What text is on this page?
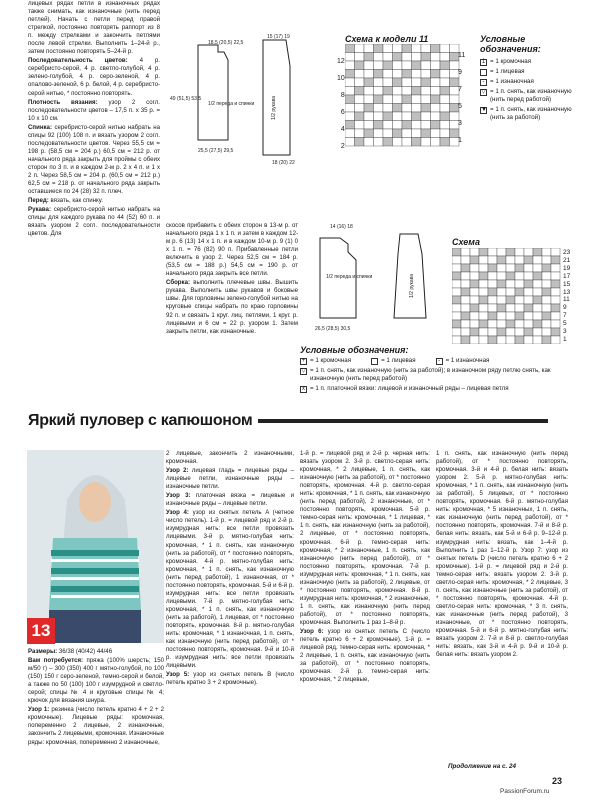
лицевых рядах петли в изнаночных рядах также снимать, как изнаночные (нить перед петлей). Начать с петли перед правой стрелкой, постоянно повторять раппорт из 8 п. между стрелками и закончить петлями после левой стрелки. Выполнить 1–24-й р., затем постоянно повторять 5–24-й р.

Последовательность цветов: 4 р. серебристо-серой, 4 р. светло-голубой, 4 р. зелено-голубой, 4 р. серо-зеленой, 4 р. опалово-зеленой, 6 р. белой, 4 р. серебристо-серой нитью, * постоянно повторять.

Плотность вязания: узор 2 согл. последовательности цветов – 17,5 п. x 35 р. = 10 x 10 см.

Спинка: серебристо-серой нитью набрать на спицы 92 (100) 108 п. и вязать узором 2 согл. последовательности цветов. Через 55,5 см = 198 р. (58,5 см = 204 р.) 60,5 см = 212 р. от начального ряда закрыть для проймы с обеих сторон по 3 п. и в каждом 2-м р. 2 x 4 п. и 1 x 2 п. Через 58,5 см = 204 р. (60,5 см = 212 р.) 62,5 см = 218 р. от начального ряда закрыть оставшиеся по 24 (28) 32 п. плеч.

Перед: вязать, как спинку.

Рукава: серебристо-серой нитью набрать на спицы для каждого рукава по 44 (52) 60 п. и вязать узором 2 согл. последовательности цветов. Для

18,5 (20,5) 22,5
49 (51,5) 53,5
1/2 переда и спинки
25,5 (27,5) 29,5
15 (17) 19
18 (20) 22
1/2 рукава
Схема к модели 11
11
9
7
5
3
1
12
10
8
6
4
2
Условные обозначения:
1 = 1 кромочная
= 1 лицевая
- = 1 изнаночная
▽ = 1 п. снять, как изнаночную (нить перед работой)
▼ = 1 п. снять, как изнаночную (нить за работой)

скосов прибавить с обеих сторон в 13-м р. от начального ряда 1 x 1 п. и затем в каждом 12-м р. 6 (13) 14 x 1 п. и в каждом 10-м р. 9 (1) 0 x 1 п. = 76 (82) 90 п. Прибавленные петли включить в узор 2. Через 52,5 см = 184 р. (53,5 см = 188 р.) 54,5 см = 190 р. от начального ряда закрыть все петли.

Сборка: выполнить плечевые швы. Вышить рукава. Выполнить швы рукавов и боковые швы. Для горловины зелено-голубой нитью на круговые спицы набрать по краю горловины 92 п. и связать 1 круг. лиц. петлями, 1 круг. р. лицевыми и 6 см = 22 р. узором 1. Затем закрыть петли, как изнаночные.

14 (16) 18
1/2 переда и спинки
26,5 (28,5) 30,5
1/2 рукава
Схема
23
21
19
17
15
13
11
9
7
5
3
1
Условные обозначения:
+ = 1 кромочная	= 1 лицевая	- = 1 изнаночная
▽ = 1 п. снять, как изнаночную (нить за работой); в изнаночном ряду петлю снять, как изнаночную (нить перед работой)
x = 1 п. платочной вязки: лицевой и изнаночный ряды – лицевая петля
Яркий пуловер с капюшоном
13

Размеры: 36/38 (40/42) 44/46

Вам потребуется: пряжа (100% шерсть; 150 м/50 г) – 300 (350) 400 г мятно-голубой, по 100 (150) 150 г серо-зеленой, темно-серой и белой, а также по 50 (100) 100 г изумрудной и светло-серой; спицы № 4 и круговые спицы № 4; крючок для вязания шнура.

Узор 1: резинка (число петель кратно 4 + 2 + 2 кромочные). Лицевые ряды: кромочная, попеременно 2 лицевые, 2 изнаночные, закончить 2 лицевыми, кромочная. Изнаночные ряды: кромочная, попеременно 2 изнаночные,

2 лицевые, закончить 2 изнаночными, кромочная.

Узор 2: лицевая гладь = лицевые ряды – лицевые петли, изнаночные ряды – изнаночные петли.

Узор 3: платочная вязка = лицевые и изнаночные ряды – лицевые петли.

Узор 4: узор из снятых петель A (четное число петель). 1-й р. = лицевой ряд и 2-й р. изумрудная нить: все петли провязать лицевыми. 3-й р. мятно-голубая нить: кромочная, * 1 п. снять, как изнаночную (нить за работой), от * постоянно повторять, кромочная. 4-й р. мятно-голубая нить: кромочная, * 1 п. снять, как изнаночную (нить перед работой), 1 изнаночная, от * постоянно повторять, кромочная. 5-й и 6-й р. изумрудная нить: все петли провязать лицевыми. 7-й р. мятно-голубая нить: кромочная, * 1 п. снять, как изнаночную (нить за работой), 1 лицевая, от * постоянно повторять, кромочная. 8-й р. мятно-голубая нить: кромочная, * 1 изнаночная, 1 п. снять, как изнаночную (нить перед работой), от * постоянно повторять, кромочная. 9-й и 10-й р. изумрудная нить: все петли провязать лицевыми.

Узор 5: узор из снятых петель B (число петель кратно 3 + 2 кромочные).

1-й р. = лицевой ряд и 2-й р. черная нить: вязать узором 2. 3-й р. светло-серая нить: кромочная, * 2 лицевые, 1 п. снять, как изнаночную (нить за работой), от * постоянно повторять, кромочная. 4-й р. светло-серая нить: кромочная, * 1 п. снять, как изнаночную (нить перед работой), 2 изнаночные, от * постоянно повторять, кромочная. 5-й р. темно-серая нить: кромочная, * 1 лицевая, * 1 п. снять, как изнаночную (нить за работой), 2 лицевые, от * постоянно повторять, кромочная. 6-й р. темно-серая нить: кромочная, * 2 изнаночные, 1 п. снять, как изнаночную (нить перед работой), от * постоянно повторять, кромочная. 7-й р. изумрудная нить: кромочная, * 1 п. снять, как изнаночную (нить за работой), 2 лицевые, от * постоянно повторять, кромочная. 8-й р. изумрудная нить: кромочная, * 2 изнаночные, 1 п. снять, как изнаночную (нить перед работой), от * постоянно повторять, кромочная. Выполнить 1 раз 1–8-й р.

Узор 6: узор из снятых петель C (число петель кратно 6 + 2 кромочные). 1-й р. = лицевой ряд, темно-серая нить: кромочная, * 2 лицевые, 1 п. снять, как изнаночную (нить за работой), от * постоянно повторять, кромочная. 2-й р. темно-серая нить: кромочная, * 2 лицевые,

1 п. снять, как изнаночную (нить перед работой), от * постоянно повторять, кромочная. 3-й и 4-й р. белая нить: вязать узором 2. 5-й р. мятно-голубая нить: кромочная, * 1 п. снять, как изнаночную (нить за работой), 5 лицевых, от * постоянно повторять, кромочная. 6-й р. мятно-голубая нить: кромочная, * 5 изнаночных, 1 п. снять, как изнаночную (нить перед работой), от * постоянно повторять, кромочная. 7-й и 8-й р. белая нить: вязать, как 5-й и 6-й р. 9–12-й р. изумрудная нить: вязать, как 1–4-й р. Выполнить 1 раз 1–12-й р. Узор 7: узор из снятых петель D (число петель кратно 6 + 2 кромочные). 1-й р. = лицевой ряд и 2-й р. темно-серая нить: вязать узором 2. 3-й р. светло-серая нить: кромочная, * 2 лицевые, 3 п. снять, как изнаночные (нить за работой), от * постоянно повторять, кромочная. 4-й р. светло-серая нить: кромочная, * 3 п. снять, как изнаночные (нить перед работой), 3 изнаночные, от * постоянно повторять, кромочная. 5-й и 6-й р. мятно-голубая нить: вязать узором 2. 7-й и 8-й р. светло-голубая нить: вязать, как 3-й и 4-й р. 9-й и 10-й р. белая нить: вязать узором 2.

Продолжение на с. 24
23
PassionForum.ru
